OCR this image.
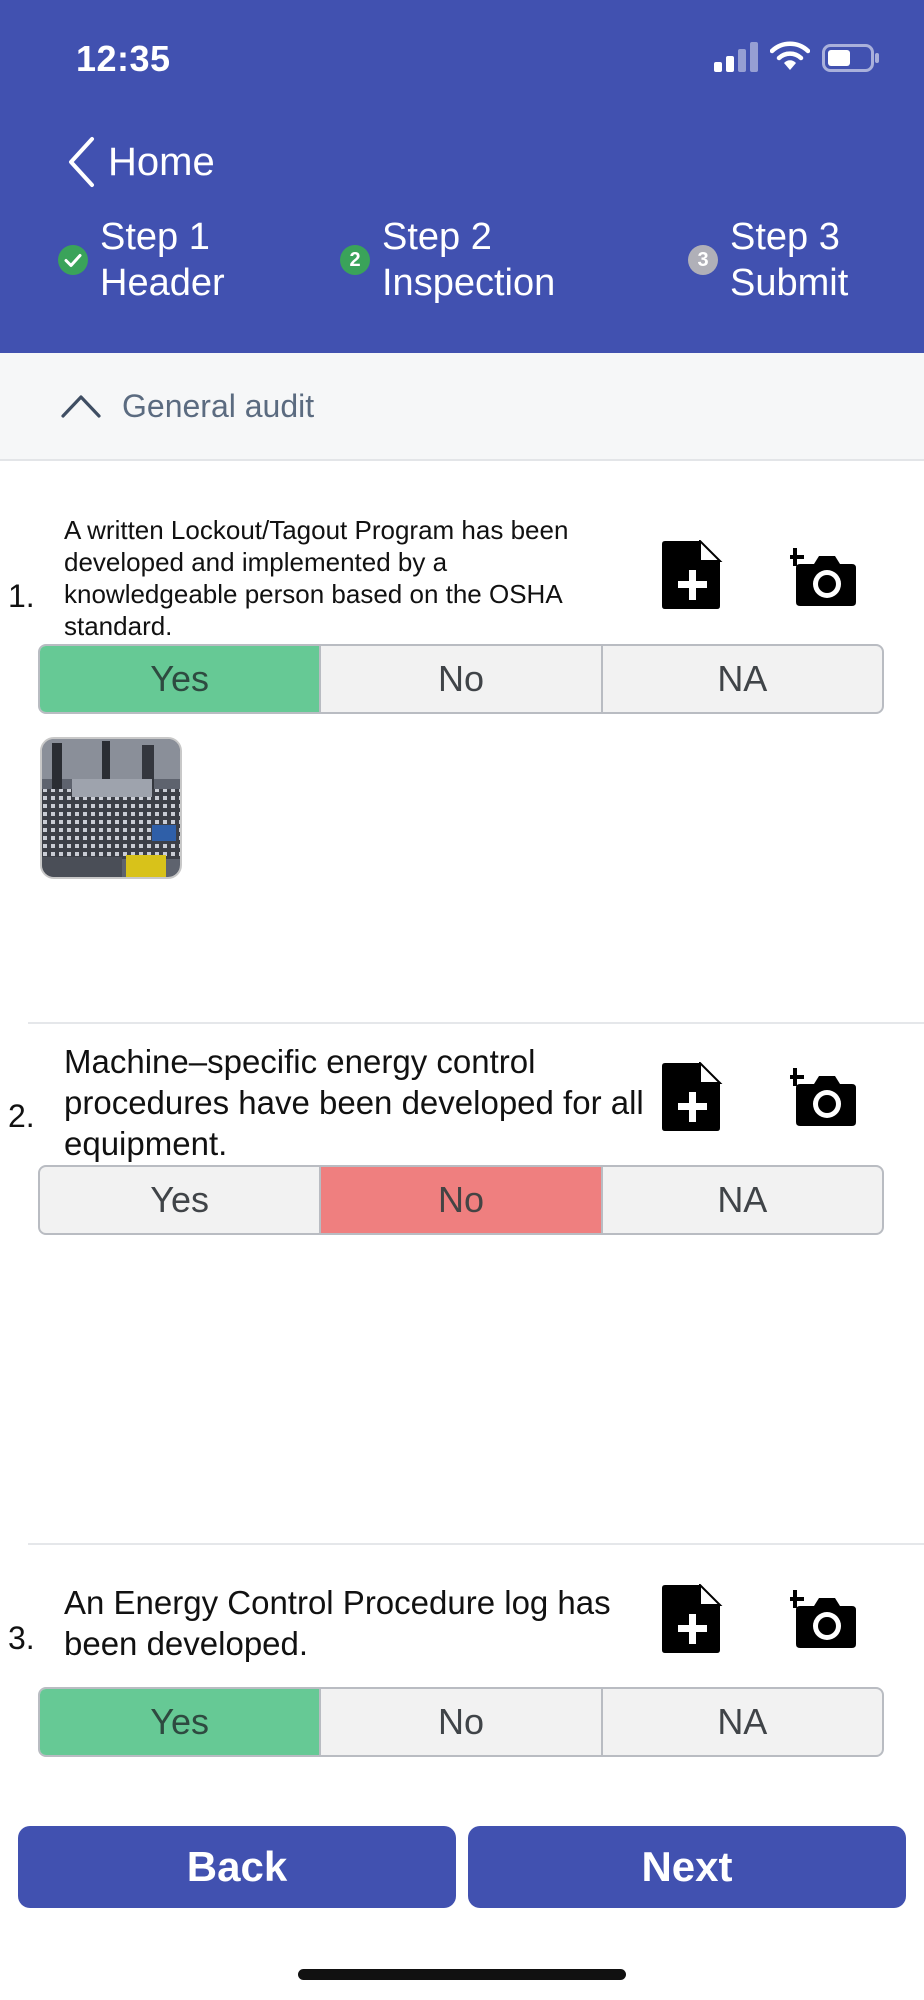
12:35
Home
Step 1
Header
2
Step 2
Inspection
3
Step 3
Submit
General audit
1.
A written Lockout/Tagout Program has been developed and implemented by a knowledgeable person based on the OSHA standard.
Yes	No	NA
2.
Machine–specific energy control procedures have been developed for all equipment.
Yes	No	NA
3.
An Energy Control Procedure log has been developed.
Yes	No	NA
Back	Next
